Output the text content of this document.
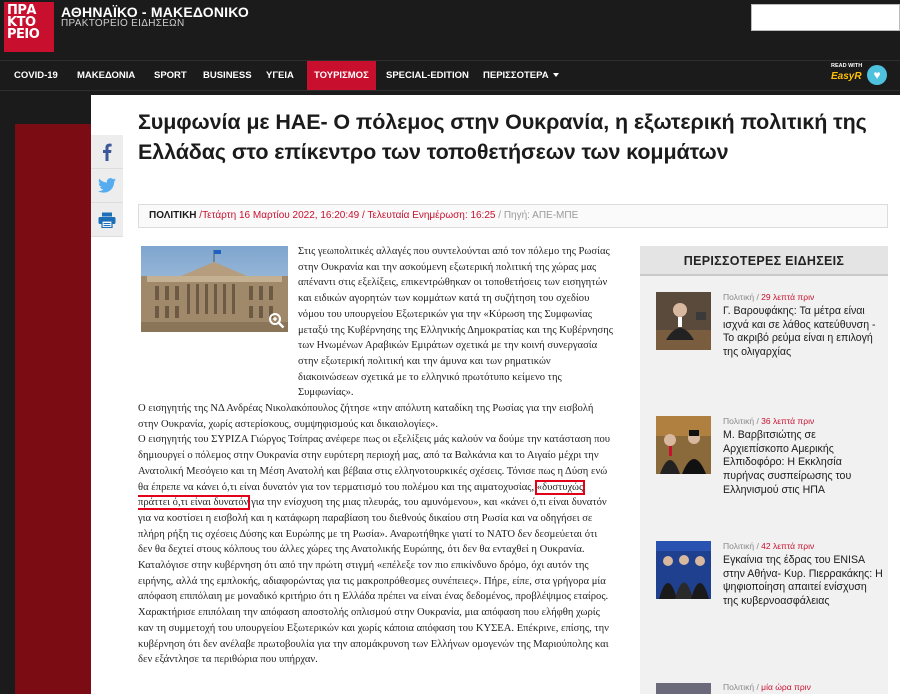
ΠΡΑ
ΚΤΟ
ΡΕΙΟ
ΑΘΗΝΑΪΚΟ - ΜΑΚΕΔΟΝΙΚΟ
ΠΡΑΚΤΟΡΕΙΟ ΕΙΔΗΣΕΩΝ
COVID-19 ΜΑΚΕΔΟΝΙΑ SPORT BUSINESS ΥΓΕΙΑ	ΤΟΥΡΙΣΜΟΣ	SPECIAL-EDITION ΠΕΡΙΣΣΟΤΕΡΑ
READ WITH
EasyR ♥
Συμφωνία με ΗΑΕ- Ο πόλεμος στην Ουκρανία, η εξωτερική πολιτική της Ελλάδας στο επίκεντρο των τοποθετήσεων των κομμάτων
ΠΟΛΙΤΙΚΗ /Τετάρτη 16 Μαρτίου 2022, 16:20:49 / Τελευταία Ενημέρωση: 16:25 / Πηγή: ΑΠΕ-ΜΠΕ

Στις γεωπολιτικές αλλαγές που συντελούνται από τον πόλεμο της Ρωσίας στην Ουκρανία και την ασκούμενη εξωτερική πολιτική της χώρας μας απέναντι στις εξελίξεις, επικεντρώθηκαν οι τοποθετήσεις των εισηγητών και ειδικών αγορητών των κομμάτων κατά τη συζήτηση του σχεδίου νόμου του υπουργείου Εξωτερικών για την «Κύρωση της Συμφωνίας μεταξύ της Κυβέρνησης της Ελληνικής Δημοκρατίας και της Κυβέρνησης των Ηνωμένων Αραβικών Εμιράτων σχετικά με την κοινή συνεργασία στην εξωτερική πολιτική και την άμυνα και των ρηματικών διακοινώσεων σχετικά με το ελληνικό πρωτότυπο κείμενο της Συμφωνίας».

Ο εισηγητής της ΝΔ Ανδρέας Νικολακόπουλος ζήτησε «την απόλυτη καταδίκη της Ρωσίας για την εισβολή στην Ουκρανία, χωρίς αστερίσκους, συμψηφισμούς και δικαιολογίες».

Ο εισηγητής του ΣΥΡΙΖΑ Γιώργος Τσίπρας ανέφερε πως οι εξελίξεις μάς καλούν να δούμε την κατάσταση που δημιουργεί ο πόλεμος στην Ουκρανία στην ευρύτερη περιοχή μας, από τα Βαλκάνια και το Αιγαίο μέχρι την Ανατολική Μεσόγειο και τη Μέση Ανατολή και βέβαια στις ελληνοτουρκικές σχέσεις. Τόνισε πως η Δύση ενώ θα έπρεπε να κάνει ό,τι είναι δυνατόν για τον τερματισμό του πολέμου και της αιματοχυσίας, «δυστυχώς πράττει ό,τι είναι δυνατόν για την ενίσχυση της μιας πλευράς, του αμυνόμενου», και «κάνει ό,τι είναι δυνατόν για να κοστίσει η εισβολή και η κατάφωρη παραβίαση του διεθνούς δικαίου στη Ρωσία και να οδηγήσει σε πλήρη ρήξη τις σχέσεις Δύσης και Ευρώπης με τη Ρωσία». Αναρωτήθηκε γιατί το ΝΑΤΟ δεν δεσμεύεται ότι δεν θα δεχτεί στους κόλπους του άλλες χώρες της Ανατολικής Ευρώπης, ότι δεν θα ενταχθεί η Ουκρανία.

Καταλόγισε στην κυβέρνηση ότι από την πρώτη στιγμή «επέλεξε τον πιο επικίνδυνο δρόμο, όχι αυτόν της ειρήνης, αλλά της εμπλοκής, αδιαφορώντας για τις μακροπρόθεσμες συνέπειες». Πήρε, είπε, στα γρήγορα μία απόφαση επιπόλαιη με μοναδικό κριτήριο ότι η Ελλάδα πρέπει να είναι ένας δεδομένος, προβλέψιμος εταίρος. Χαρακτήρισε επιπόλαιη την απόφαση αποστολής οπλισμού στην Ουκρανία, μια απόφαση που ελήφθη χωρίς καν τη συμμετοχή του υπουργείου Εξωτερικών και χωρίς κάποια απόφαση του ΚΥΣΕΑ. Επέκρινε, επίσης, την κυβέρνηση ότι δεν ανέλαβε πρωτοβουλία για την απομάκρυνση των Ελλήνων ομογενών της Μαριούπολης και δεν εξάντλησε τα περιθώρια που υπήρχαν.

ΠΕΡΙΣΣΟΤΕΡΕΣ ΕΙΔΗΣΕΙΣ
Πολιτική / 29 λεπτά πριν
Γ. Βαρουφάκης: Τα μέτρα είναι ισχνά και σε λάθος κατεύθυνση - Το ακριβό ρεύμα είναι η επιλογή της ολιγαρχίας
Πολιτική / 36 λεπτά πριν
Μ. Βαρβιτσιώτης σε Αρχιεπίσκοπο Αμερικής Ελπιδοφόρο: Η Εκκλησία πυρήνας συσπείρωσης του Ελληνισμού στις ΗΠΑ
Πολιτική / 42 λεπτά πριν
Εγκαίνια της έδρας του ENISA στην Αθήνα- Κυρ. Πιερρακάκης: Η ψηφιοποίηση απαιτεί ενίσχυση της κυβερνοασφάλειας
Πολιτική / μία ώρα πριν
